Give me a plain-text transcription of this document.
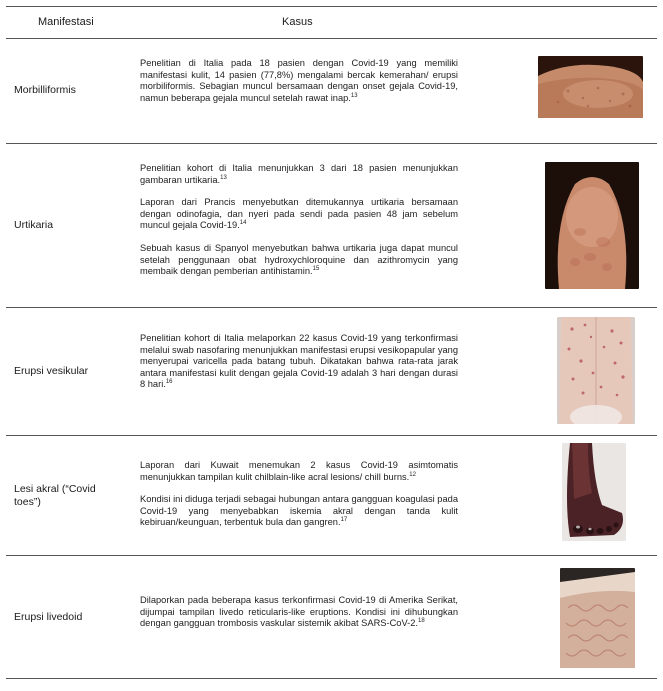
Manifestasi	Kasus
Morbilliformis

Penelitian di Italia pada 18 pasien dengan Covid-19 yang memiliki manifestasi kulit, 14 pasien (77,8%) mengalami bercak kemerahan/ erupsi morbiliformis. Sebagian muncul bersamaan dengan onset gejala Covid-19, namun beberapa gejala muncul setelah rawat inap.$^{13}$

Urtikaria

Penelitian kohort di Italia menunjukkan 3 dari 18 pasien menunjukkan gambaran urtikaria.$^{13}$

Laporan dari Prancis menyebutkan ditemukannya urtikaria bersamaan dengan odinofagia, dan nyeri pada sendi pada pasien 48 jam sebelum muncul gejala Covid-19.14

Sebuah kasus di Spanyol menyebutkan bahwa urtikaria juga dapat muncul setelah penggunaan obat hydroxychloroquine dan azithromycin yang membaik dengan pemberian antihistamin.$^{15}$

Erupsi vesikular

Penelitian kohort di Italia melaporkan 22 kasus Covid-19 yang terkonfirmasi melalui swab nasofaring menunjukkan manifestasi erupsi vesikopapular yang menyerupai varicella pada batang tubuh. Dikatakan bahwa rata-rata jarak antara manifestasi kulit dengan gejala Covid-19 adalah 3 hari dengan durasi 8 hari.$^{16}$

Lesi akral (“Covid toes”)

Laporan dari Kuwait menemukan 2 kasus Covid-19 asimtomatis menunjukkan tampilan kulit chilblain-like acral lesions/ chill burns.$^{12}$

Kondisi ini diduga terjadi sebagai hubungan antara gangguan koagulasi pada Covid-19 yang menyebabkan iskemia akral dengan tanda kulit kebiruan/keunguan, terbentuk bula dan gangren.$^{17}$

Erupsi livedoid

Dilaporkan pada beberapa kasus terkonfirmasi Covid-19 di Amerika Serikat, dijumpai tampilan livedo reticularis-like eruptions. Kondisi ini dihubungkan dengan gangguan trombosis vaskular sistemik akibat SARS-CoV-2.18
